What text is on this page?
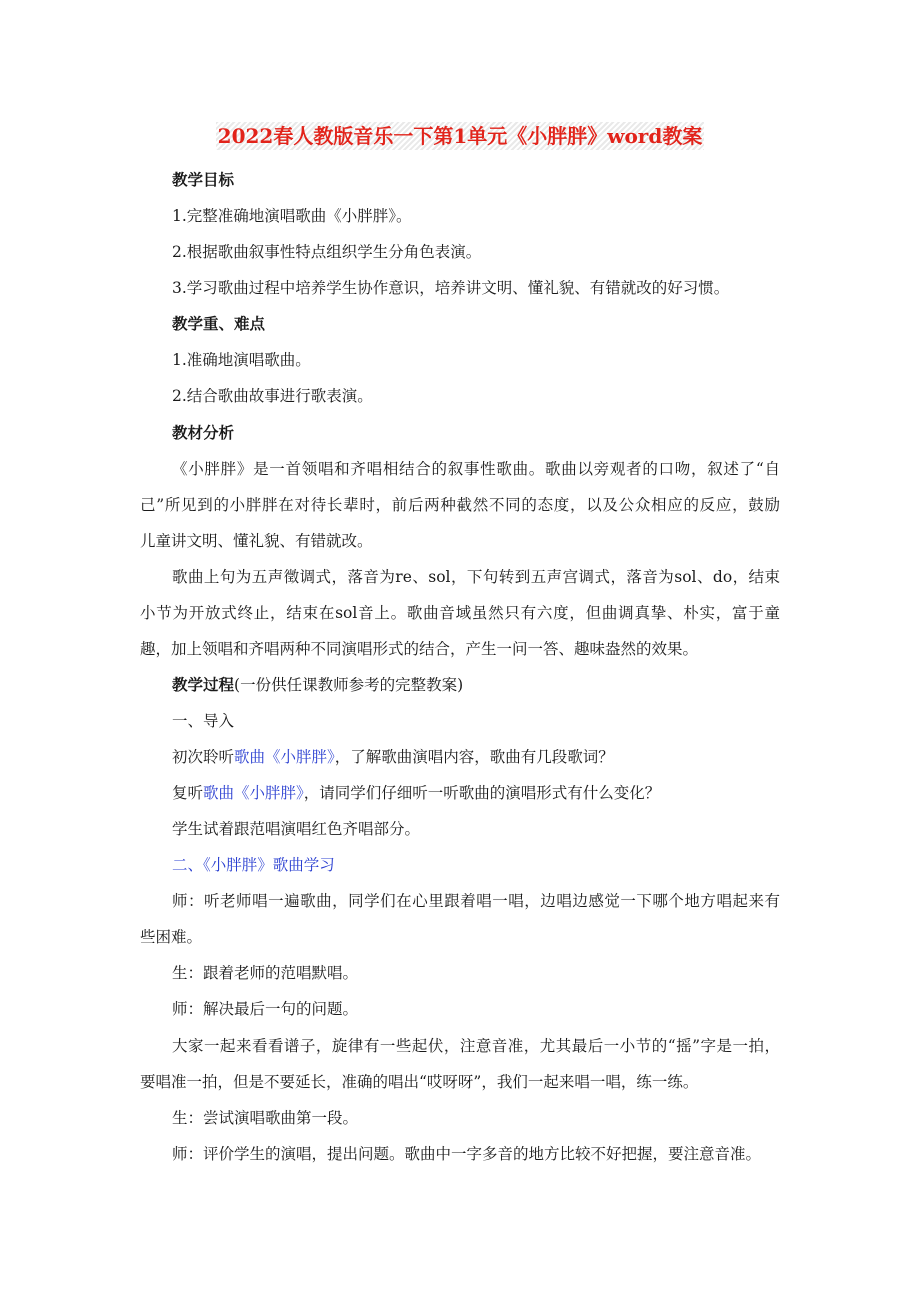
2022春人教版音乐一下第1单元《小胖胖》word教案
教学目标
1.完整准确地演唱歌曲《小胖胖》。
2.根据歌曲叙事性特点组织学生分角色表演。
3.学习歌曲过程中培养学生协作意识，培养讲文明、懂礼貌、有错就改的好习惯。
教学重、难点
1.准确地演唱歌曲。
2.结合歌曲故事进行歌表演。
教材分析
《小胖胖》是一首领唱和齐唱相结合的叙事性歌曲。歌曲以旁观者的口吻，叙述了“自
己”所见到的小胖胖在对待长辈时，前后两种截然不同的态度，以及公众相应的反应，鼓励
儿童讲文明、懂礼貌、有错就改。
歌曲上句为五声徵调式，落音为re、sol，下句转到五声宫调式，落音为sol、do，结束
小节为开放式终止，结束在sol音上。歌曲音域虽然只有六度，但曲调真挚、朴实，富于童
趣，加上领唱和齐唱两种不同演唱形式的结合，产生一问一答、趣味盎然的效果。
教学过程(一份供任课教师参考的完整教案)
一、导入
初次聆听歌曲《小胖胖》，了解歌曲演唱内容，歌曲有几段歌词？
复听歌曲《小胖胖》，请同学们仔细听一听歌曲的演唱形式有什么变化？
学生试着跟范唱演唱红色齐唱部分。
二、《小胖胖》歌曲学习
师：听老师唱一遍歌曲，同学们在心里跟着唱一唱，边唱边感觉一下哪个地方唱起来有
些困难。
生：跟着老师的范唱默唱。
师：解决最后一句的问题。
大家一起来看看谱子，旋律有一些起伏，注意音准，尤其最后一小节的“摇”字是一拍，
要唱准一拍，但是不要延长，准确的唱出“哎呀呀”，我们一起来唱一唱，练一练。
生：尝试演唱歌曲第一段。
师：评价学生的演唱，提出问题。歌曲中一字多音的地方比较不好把握，要注意音准。
